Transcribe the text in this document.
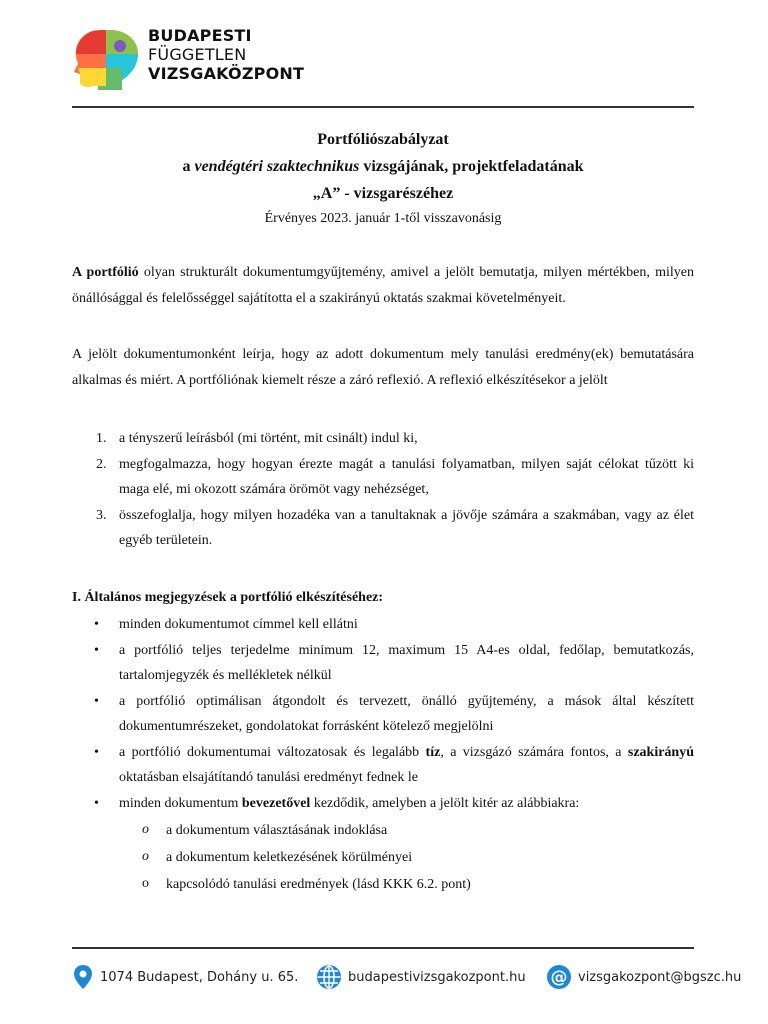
BUDAPESTI
FÜGGETLEN
VIZSGAKÖZPONT
Portfóliószabályzat
a vendégtéri szaktechnikus vizsgájának, projektfeladatának
„A” - vizsgarészéhez
Érvényes 2023. január 1-től visszavonásig
A portfólió olyan strukturált dokumentumgyűjtemény, amivel a jelölt bemutatja, milyen mértékben, milyen önállósággal és felelősséggel sajátította el a szakirányú oktatás szakmai követelményeit.
A jelölt dokumentumonként leírja, hogy az adott dokumentum mely tanulási eredmény(ek) bemutatására alkalmas és miért. A portfóliónak kiemelt része a záró reflexió. A reflexió elkészítésekor a jelölt
1. a tényszerű leírásból (mi történt, mit csinált) indul ki,
2. megfogalmazza, hogy hogyan érezte magát a tanulási folyamatban, milyen saját célokat tűzött ki maga elé, mi okozott számára örömöt vagy nehézséget,
3. összefoglalja, hogy milyen hozadéka van a tanultaknak a jövője számára a szakmában, vagy az élet egyéb területein.
I. Általános megjegyzések a portfólió elkészítéséhez:
• minden dokumentumot címmel kell ellátni
• a portfólió teljes terjedelme minimum 12, maximum 15 A4-es oldal, fedőlap, bemutatkozás, tartalomjegyzék és mellékletek nélkül
• a portfólió optimálisan átgondolt és tervezett, önálló gyűjtemény, a mások által készített dokumentumrészeket, gondolatokat forrásként kötelező megjelölni
• a portfólió dokumentumai változatosak és legalább tíz, a vizsgázó számára fontos, a szakirányú oktatásban elsajátítandó tanulási eredményt fednek le
• minden dokumentum bevezetővel kezdődik, amelyben a jelölt kitér az alábbiakra:
o a dokumentum választásának indoklása
o a dokumentum keletkezésének körülményei
o kapcsolódó tanulási eredmények (lásd KKK 6.2. pont)
1074 Budapest, Dohány u. 65.	budapestivizsgakozpont.hu @ vizsgakozpont@bgszc.hu
